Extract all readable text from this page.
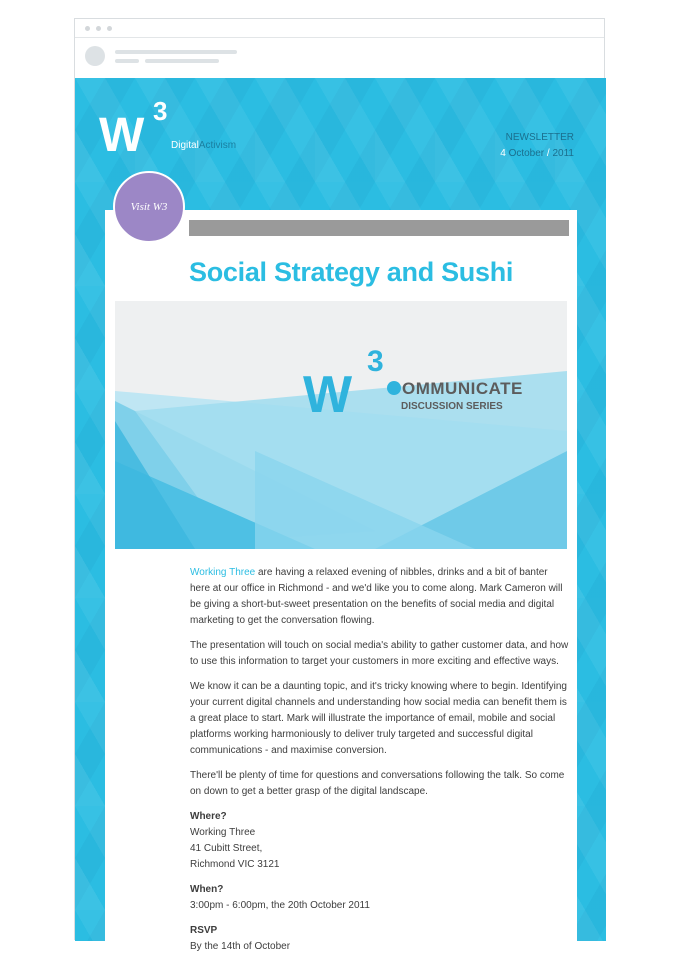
W 3
DigitalActivism
NEWSLETTER
4 October / 2011
Visit W3
Social Strategy and Sushi
W
3
OMMUNICATE
DISCUSSION SERIES

Working Three are having a relaxed evening of nibbles, drinks and a bit of banter here at our office in Richmond - and we'd like you to come along. Mark Cameron will be giving a short-but-sweet presentation on the benefits of social media and digital marketing to get the conversation flowing.

The presentation will touch on social media's ability to gather customer data, and how to use this information to target your customers in more exciting and effective ways.

We know it can be a daunting topic, and it's tricky knowing where to begin. Identifying your current digital channels and understanding how social media can benefit them is a great place to start. Mark will illustrate the importance of email, mobile and social platforms working harmoniously to deliver truly targeted and successful digital communications - and maximise conversion.

There'll be plenty of time for questions and conversations following the talk. So come on down to get a better grasp of the digital landscape.

Where?
Working Three
41 Cubitt Street,
Richmond VIC 3121

When?
3:00pm - 6:00pm, the 20th October 2011

RSVP
By the 14th of October
